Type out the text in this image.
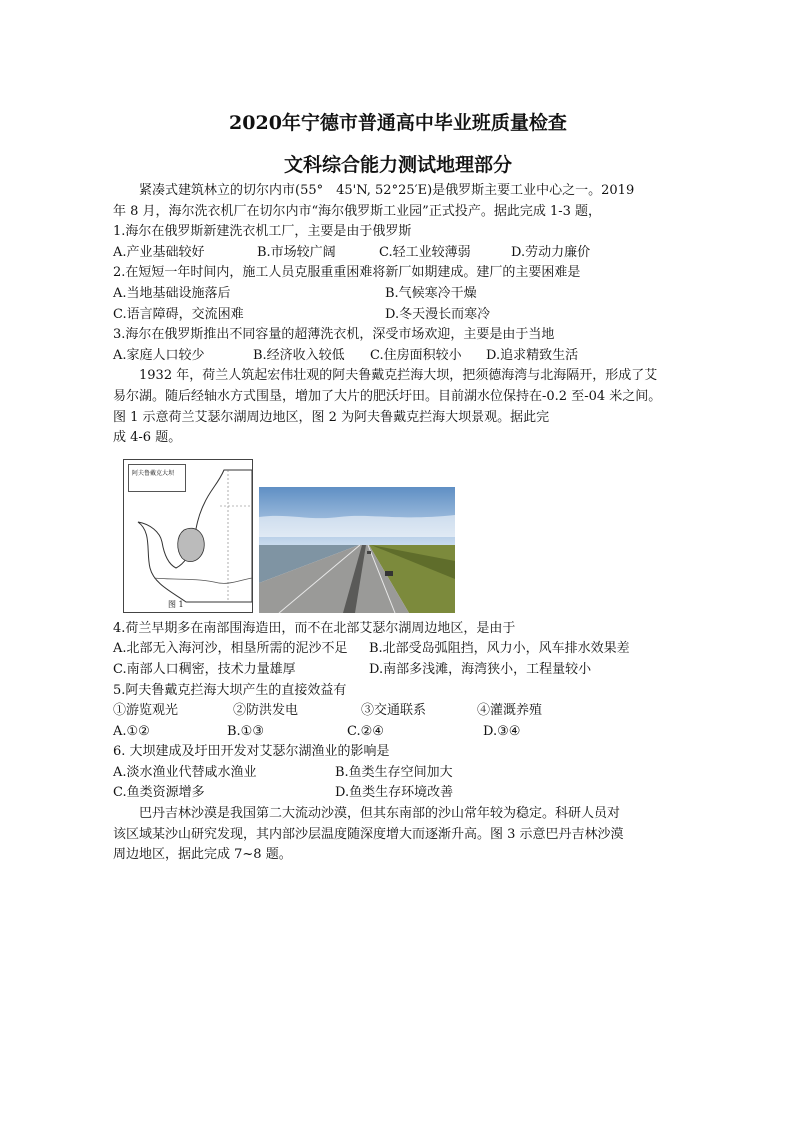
2020年宁德市普通高中毕业班质量检查
文科综合能力测试地理部分

紧凑式建筑林立的切尔内市(55°　45'N, 52°25′E)是俄罗斯主要工业中心之一。2019

年 8 月，海尔洗衣机厂在切尔内市“海尔俄罗斯工业园”正式投产。据此完成 1-3 题，

1.海尔在俄罗斯新建洗衣机工厂，主要是由于俄罗斯

A.产业基础较好	B.市场较广阔	C.轻工业较薄弱	D.劳动力廉价

2.在短短一年时间内，施工人员克服重重困难将新厂如期建成。建厂的主要困难是

A.当地基础设施落后	B.气候寒冷干燥
C.语言障碍，交流困难	D.冬天漫长而寒冷

3.海尔在俄罗斯推出不同容量的超薄洗衣机，深受市场欢迎，主要是由于当地

A.家庭人口较少	B.经济收入较低	C.住房面积较小	D.追求精致生活

1932 年，荷兰人筑起宏伟壮观的阿夫鲁戴克拦海大坝，把须德海湾与北海隔开，形成了艾

易尔湖。随后经轴水方式围垦，增加了大片的肥沃圩田。目前湖水位保持在-0.2 至-04 米之间。

图 1 示意荷兰艾瑟尔湖周边地区，图 2 为阿夫鲁戴克拦海大坝景观。据此完

成 4-6 题。

阿夫鲁戴克大坝
图 1

4.荷兰早期多在南部围海造田，而不在北部艾瑟尔湖周边地区，是由于

A.北部无入海河沙，相垦所需的泥沙不足	B.北部受岛弧阻挡，风力小，风车排水效果差
C.南部人口稠密，技术力量雄厚	D.南部多浅滩，海湾狭小，工程量较小

5.阿夫鲁戴克拦海大坝产生的直接效益有

①游览观光	②防洪发电	③交通联系	④灌溉养殖
A.①②	B.①③	C.②④	D.③④

6. 大坝建成及圩田开发对艾瑟尔湖渔业的影响是

A.淡水渔业代替咸水渔业	B.鱼类生存空间加大
C.鱼类资源增多	D.鱼类生存环境改善

巴丹吉林沙漠是我国第二大流动沙漠，但其东南部的沙山常年较为稳定。科研人员对

该区域某沙山研究发现，其内部沙层温度随深度增大而逐渐升高。图 3 示意巴丹吉林沙漠

周边地区，据此完成 7~8 题。
